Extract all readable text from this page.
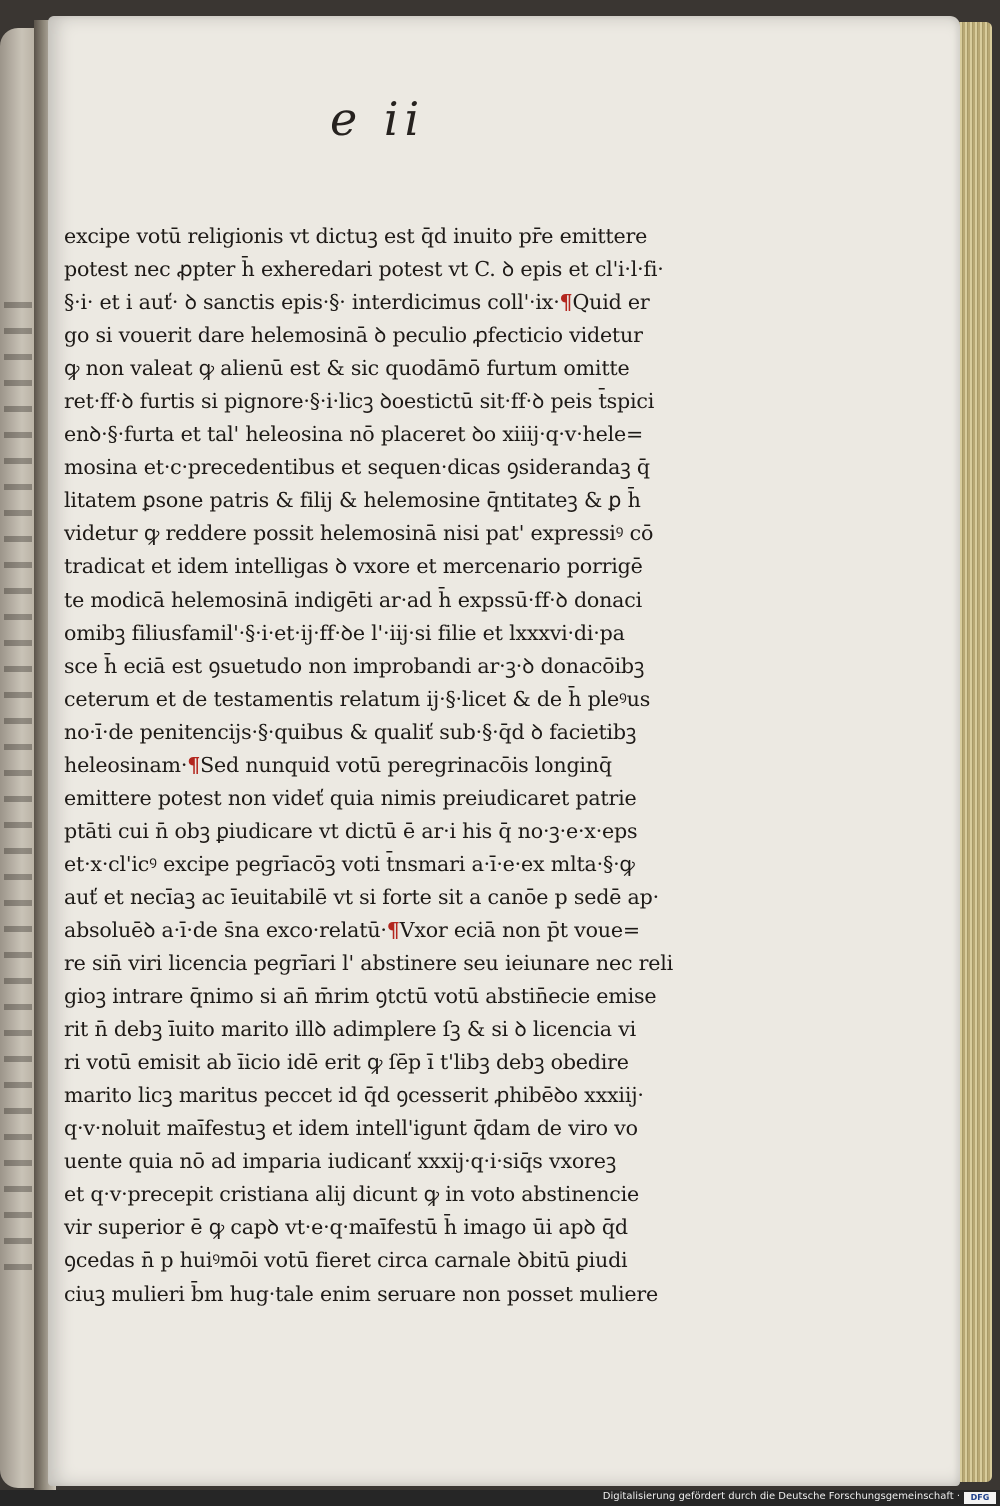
e ii
excipe votū religionis vt dictuꝫ est q̄d inuito pr̄e emittere
potest nec ꝓpter h̄ exheredari potest vt C. ꝺ epis et cl'i·l·fi·
§·i· et i auť· ꝺ sanctis epis·§· interdicimus coll'·ix·¶Quid er
go si vouerit dare helemosinā ꝺ peculio ꝓfecticio videtur
ꝙ non valeat ꝙ alienū est & sic quodāmō furtum omitte
ret·ff·ꝺ furtis si pignore·§·i·licꝫ ꝺoestictū sit·ff·ꝺ peis t̄spici
enꝺ·§·furta et tal' heleosina nō placeret ꝺo xiiij·q·v·hele=
mosina et·c·precedentibus et sequen·dicas ꝯsiderandaꝫ q̄
litatem ꝑsone patris & filij & helemosine q̄ntitateꝫ & ꝑ h̄
videtur ꝙ reddere possit helemosinā nisi pat' expressiꝰ cō
tradicat et idem intelligas ꝺ vxore et mercenario porrigē
te modicā helemosinā indigēti ar·ad h̄ expssū·ff·ꝺ donaci
omibꝫ filiusfamil'·§·i·et·ij·ff·ꝺe l'·iij·si filie et lxxxvi·di·pa
sce h̄ eciā est ꝯsuetudo non improbandi ar·ꝫ·ꝺ donacōibꝫ
ceterum et de testamentis relatum ij·§·licet & de h̄ pleꝰus
no·ī·de penitencijs·§·quibus & qualiť sub·§·q̄d ꝺ facietibꝫ
heleosinam·¶Sed nunquid votū peregrinacōis longinq̄
emittere potest non videť quia nimis preiudicaret patrie
ptāti cui n̄ obꝫ ꝑiudicare vt dictū ē ar·i his q̄ no·ꝫ·e·x·eps
et·x·cl'icꝰ excipe pegrīacōꝫ voti t̄nsmari a·ī·e·ex mlta·§·ꝙ
auť et necīaꝫ ac īeuitabilē vt si forte sit a canōe p sedē ap·
absoluēꝺ a·ī·de s̄na exco·relatū·¶Vxor eciā non p̄t voue=
re sin̄ viri licencia pegrīari l' abstinere seu ieiunare nec reli
gioꝫ intrare q̄nimo si an̄ m̄rim ꝯtctū votū abstin̄ecie emise
rit n̄ debꝫ īuito marito illꝺ adimplere ſꝫ & si ꝺ licencia vi
ri votū emisit ab īicio idē erit ꝙ ſēp ī t'libꝫ debꝫ obedire
marito licꝫ maritus peccet id q̄d ꝯcesserit ꝓhibēꝺo xxxiij·
q·v·noluit maīfestuꝫ et idem intell'igunt q̄dam de viro vo
uente quia nō ad imparia iudicanť xxxij·q·i·siq̄s vxoreꝫ
et q·v·precepit cristiana alij dicunt ꝙ in voto abstinencie
vir superior ē ꝙ capꝺ vt·e·q·maīfestū h̄ imago ūi apꝺ q̄d
ꝯcedas n̄ p huiꝰmōi votū fieret circa carnale ꝺbitū ꝑiudi
ciuꝫ mulieri b̄m hug·tale enim seruare non posset muliere
Digitalisierung gefördert durch die Deutsche Forschungsgemeinschaft ·	DFG
